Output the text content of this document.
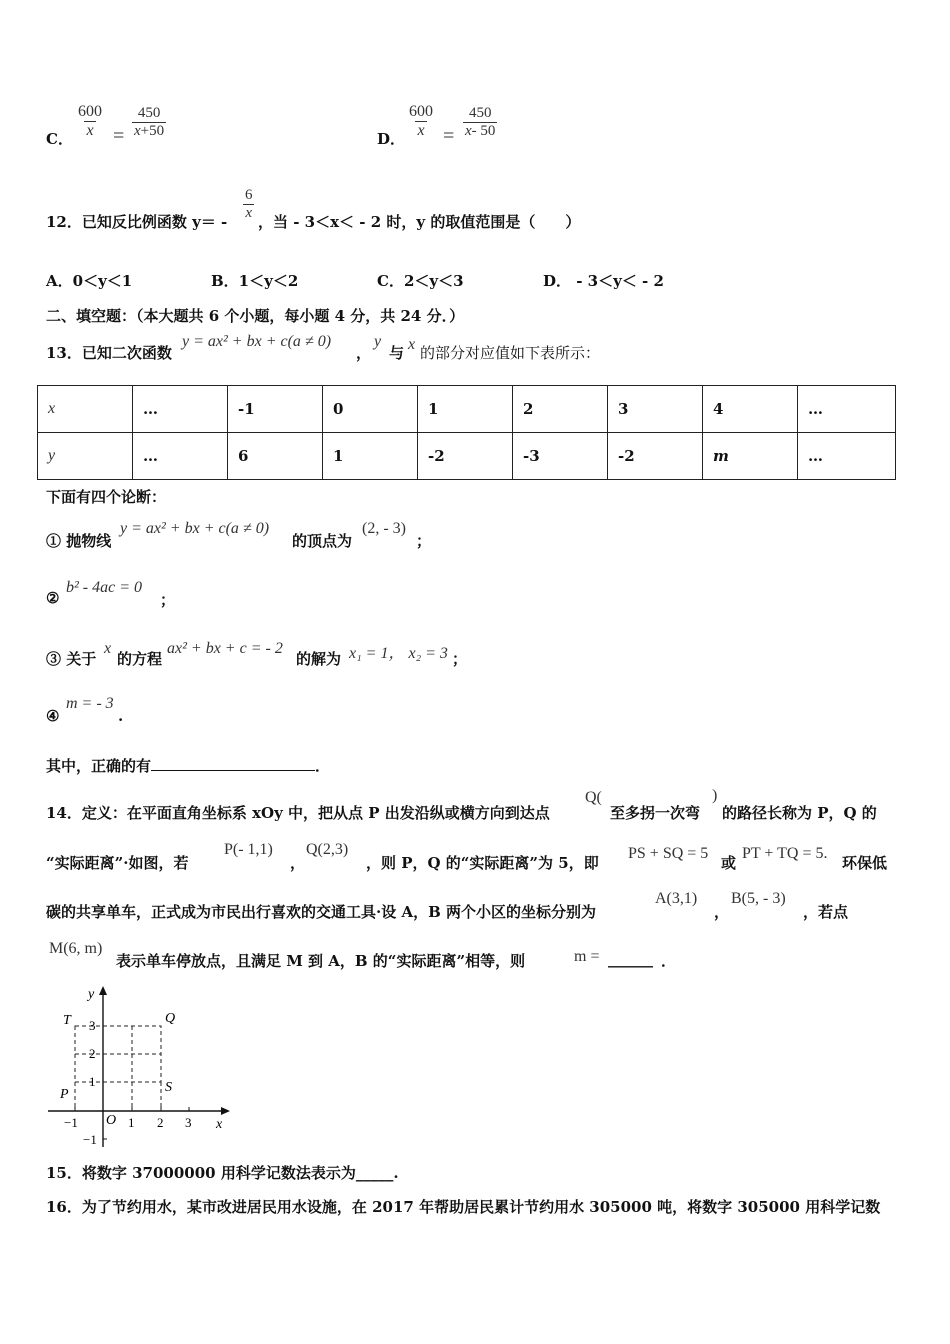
C． $\frac{600}{x} = \frac{450}{x+50}$	D． $\frac{600}{x} = \frac{450}{x- 50}$
12．已知反比例函数 $y= - \frac{6}{x}$ ，当 - 3＜x＜ - 2 时，y 的取值范围是（　　）
A．0＜y＜1	B．1＜y＜2	C．2＜y＜3	D． - 3＜y＜ - 2
二、填空题：（本大题共 6 个小题，每小题 4 分，共 24 分．）
13．已知二次函数
y = ax² + bx + c(a ≠ 0)
，
y
与 x 的部分对应值如下表所示：
x	…	-1	0	1	2	3	4	…
y	…	6	1	-2	-3	-2	m	…
下面有四个论断：
① 抛物线
y = ax² + bx + c(a ≠ 0)
的顶点为
(2, - 3)
；
②
b² - 4ac = 0
；
③ 关于
x
的方程
ax² + bx + c = - 2
的解为 x₁ = 1， x₂ = 3 ；
④
m = - 3
.
其中，正确的有	．
14．定义：在平面直角坐标系 xOy 中，把从点 P 出发沿纵或横方向到达点
Q(
至多拐一次弯
)
的路径长称为 P，Q 的
“实际距离”·如图，若
P(- 1,1)
，
Q(2,3)
，则 P，Q 的“实际距离”为 5，即
PS + SQ = 5
或
PT + TQ = 5.
环保低
碳的共享单车，正式成为市民出行喜欢的交通工具·设 A，B 两个小区的坐标分别为
A(3,1)
，
B(5, - 3)
，若点
M(6, m)
表示单车停放点，且满足 M 到 A，B 的“实际距离”相等，则	m = ______ ．
y
x
O
−1	1 2 3
3
2
1
−1
T	Q
P	S
15．将数字 37000000 用科学记数法表示为_____.
16．为了节约用水，某市改进居民用水设施，在 2017 年帮助居民累计节约用水 305000 吨，将数字 305000 用科学记数
